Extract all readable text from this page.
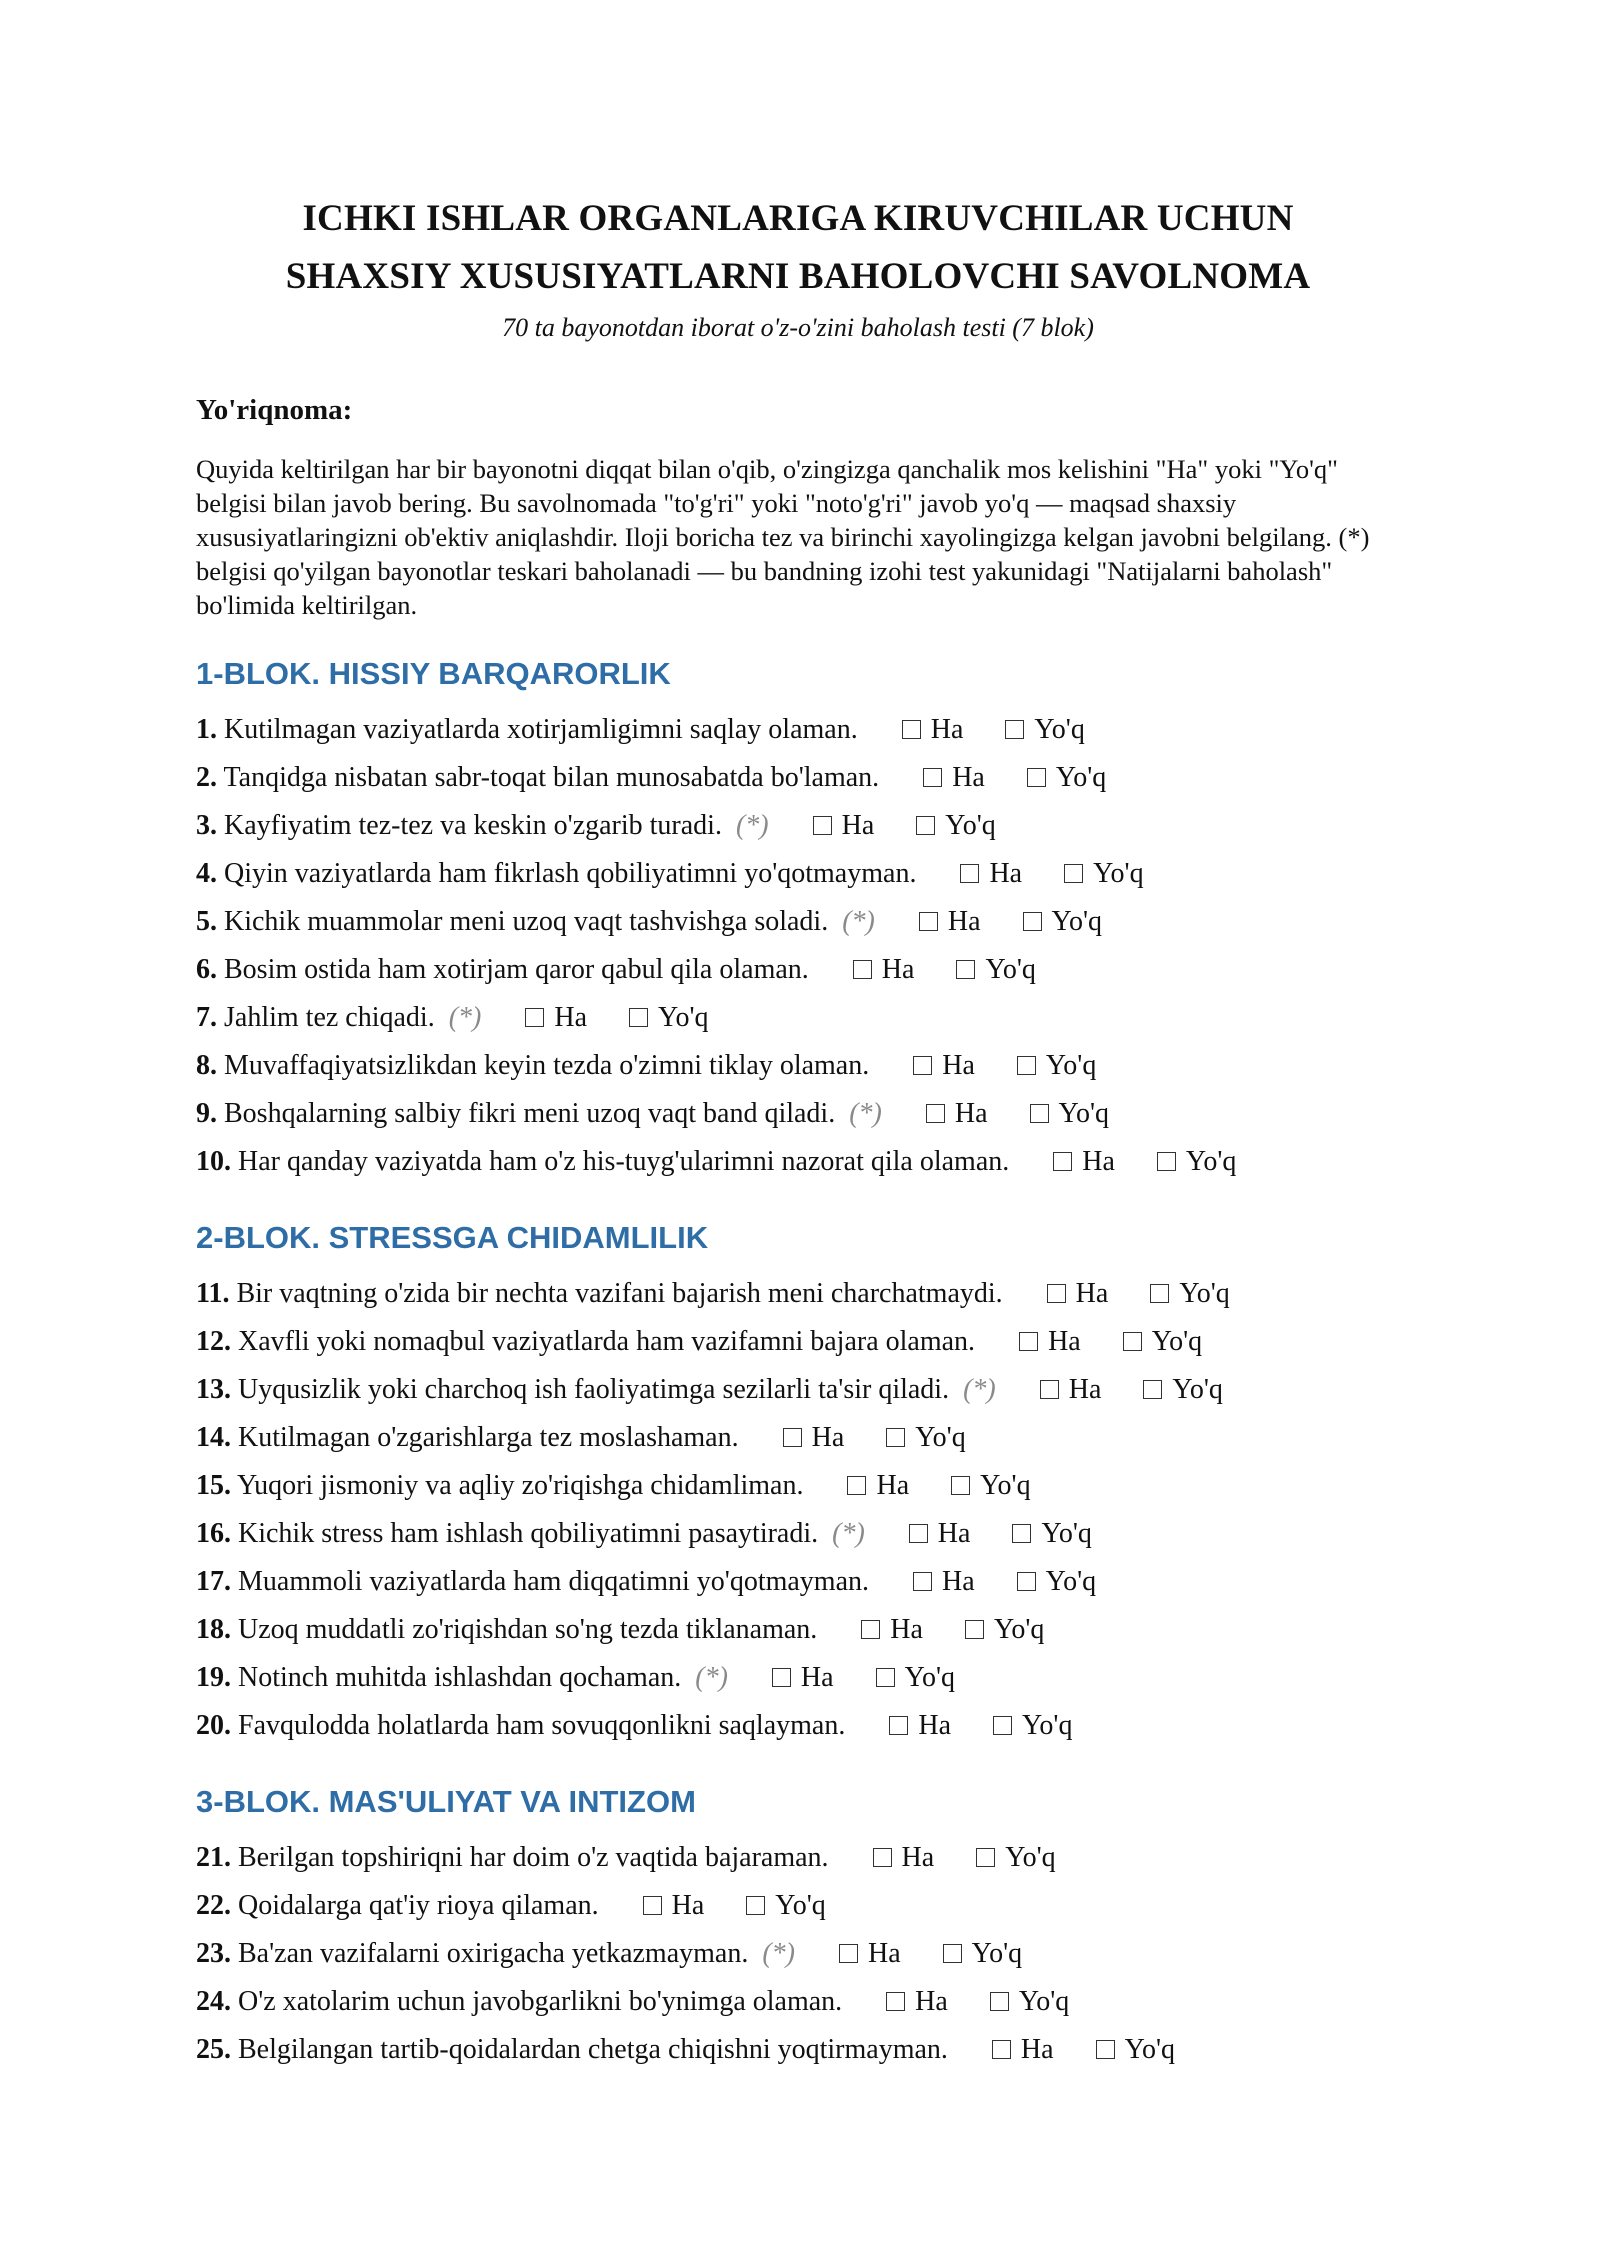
ICHKI ISHLAR ORGANLARIGA KIRUVCHILAR UCHUN
SHAXSIY XUSUSIYATLARNI BAHOLOVCHI SAVOLNOMA

70 ta bayonotdan iborat o'z-o'zini baholash testi (7 blok)

Yo'riqnoma:

Quyida keltirilgan har bir bayonotni diqqat bilan o'qib, o'zingizga qanchalik mos kelishini "Ha" yoki "Yo'q" belgisi bilan javob bering. Bu savolnomada "to'g'ri" yoki "noto'g'ri" javob yo'q — maqsad shaxsiy xususiyatlaringizni ob'ektiv aniqlashdir. Iloji boricha tez va birinchi xayolingizga kelgan javobni belgilang. (*) belgisi qo'yilgan bayonotlar teskari baholanadi — bu bandning izohi test yakunidagi "Natijalarni baholash" bo'limida keltirilgan.

1-BLOK. HISSIY BARQARORLIK

1. Kutilmagan vaziyatlarda xotirjamligimni saqlay olaman.	Ha	Yo'q

2. Tanqidga nisbatan sabr-toqat bilan munosabatda bo'laman.	Ha	Yo'q

3. Kayfiyatim tez-tez va keskin o'zgarib turadi. (*)	Ha	Yo'q

4. Qiyin vaziyatlarda ham fikrlash qobiliyatimni yo'qotmayman.	Ha	Yo'q

5. Kichik muammolar meni uzoq vaqt tashvishga soladi. (*)	Ha	Yo'q

6. Bosim ostida ham xotirjam qaror qabul qila olaman.	Ha	Yo'q

7. Jahlim tez chiqadi. (*)	Ha	Yo'q

8. Muvaffaqiyatsizlikdan keyin tezda o'zimni tiklay olaman.	Ha	Yo'q

9. Boshqalarning salbiy fikri meni uzoq vaqt band qiladi. (*)	Ha	Yo'q

10. Har qanday vaziyatda ham o'z his-tuyg'ularimni nazorat qila olaman.	Ha	Yo'q

2-BLOK. STRESSGA CHIDAMLILIK

11. Bir vaqtning o'zida bir nechta vazifani bajarish meni charchatmaydi.	Ha	Yo'q

12. Xavfli yoki nomaqbul vaziyatlarda ham vazifamni bajara olaman.	Ha	Yo'q

13. Uyqusizlik yoki charchoq ish faoliyatimga sezilarli ta'sir qiladi. (*)	Ha	Yo'q

14. Kutilmagan o'zgarishlarga tez moslashaman.	Ha	Yo'q

15. Yuqori jismoniy va aqliy zo'riqishga chidamliman.	Ha	Yo'q

16. Kichik stress ham ishlash qobiliyatimni pasaytiradi. (*)	Ha	Yo'q

17. Muammoli vaziyatlarda ham diqqatimni yo'qotmayman.	Ha	Yo'q

18. Uzoq muddatli zo'riqishdan so'ng tezda tiklanaman.	Ha	Yo'q

19. Notinch muhitda ishlashdan qochaman. (*)	Ha	Yo'q

20. Favqulodda holatlarda ham sovuqqonlikni saqlayman.	Ha	Yo'q

3-BLOK. MAS'ULIYAT VA INTIZOM

21. Berilgan topshiriqni har doim o'z vaqtida bajaraman.	Ha	Yo'q

22. Qoidalarga qat'iy rioya qilaman.	Ha	Yo'q

23. Ba'zan vazifalarni oxirigacha yetkazmayman. (*)	Ha	Yo'q

24. O'z xatolarim uchun javobgarlikni bo'ynimga olaman.	Ha	Yo'q

25. Belgilangan tartib-qoidalardan chetga chiqishni yoqtirmayman.	Ha	Yo'q
